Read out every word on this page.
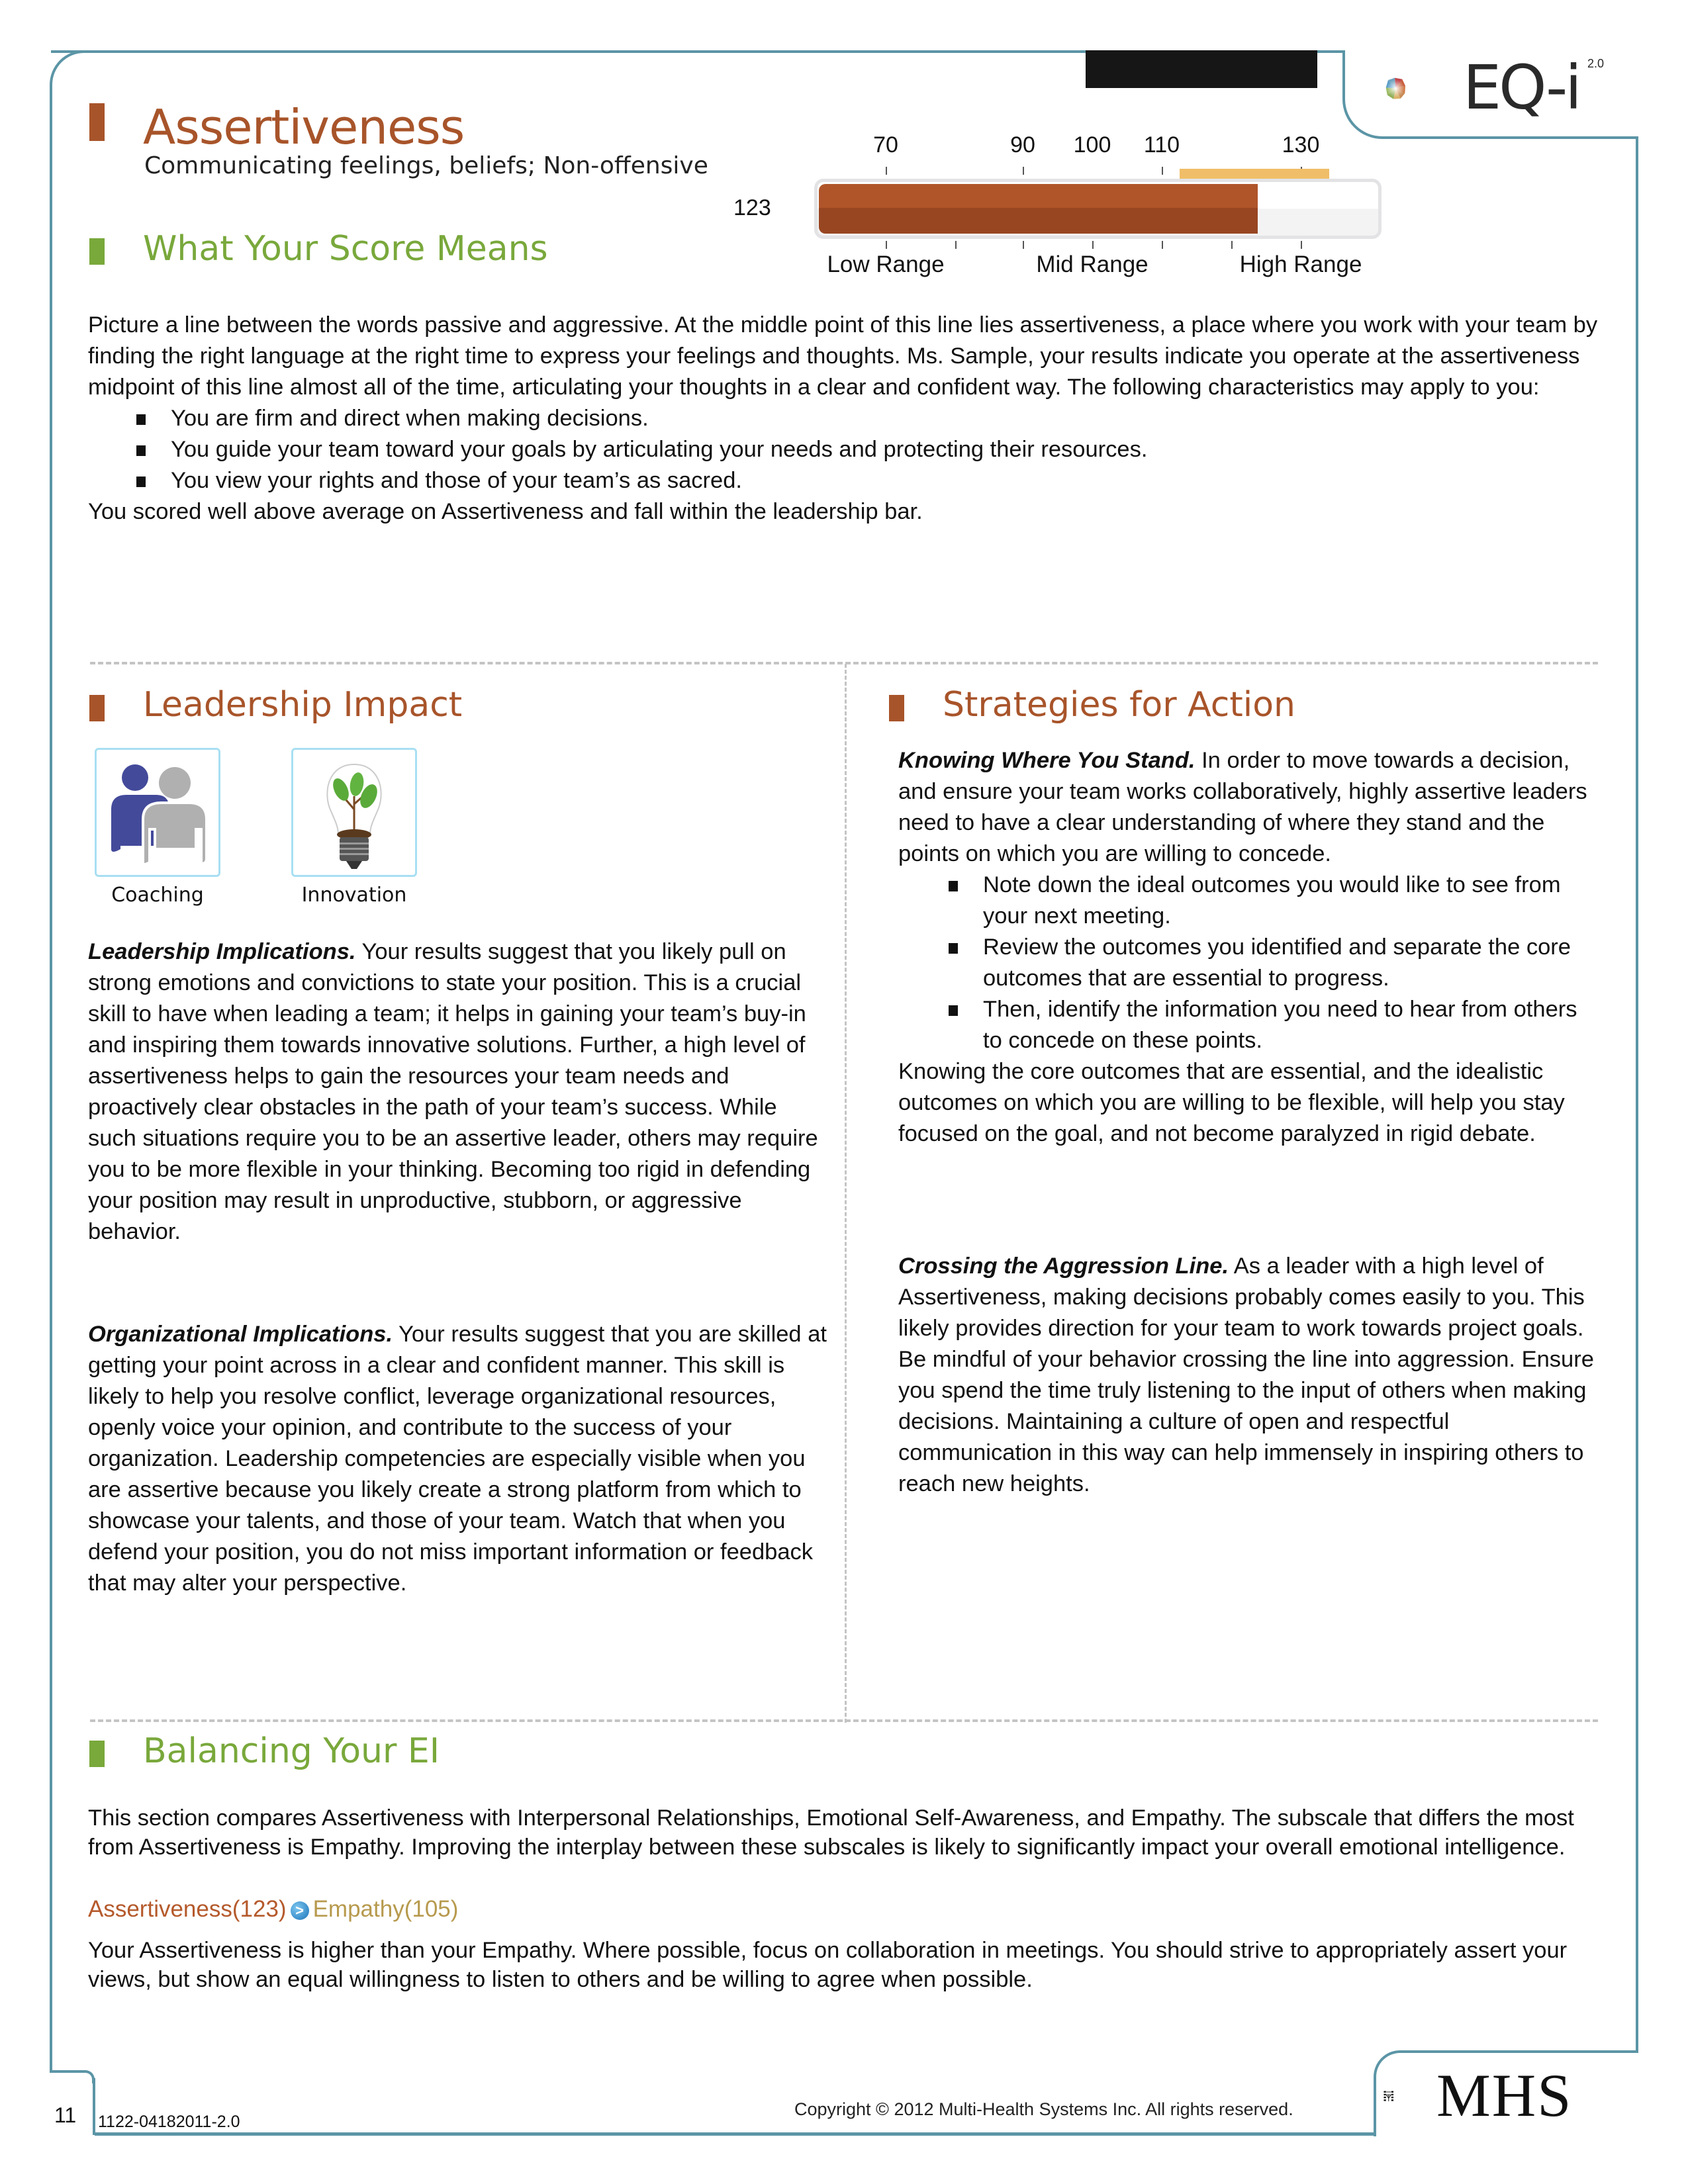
EQ-i 2.0
Assertiveness
Communicating feelings, beliefs; Non-offensive
70	90 100 110	130
123
Low Range	Mid Range	High Range
What Your Score Means

Picture a line between the words passive and aggressive. At the middle point of this line lies assertiveness, a place where you work with your team by finding the right language at the right time to express your feelings and thoughts. Ms. Sample, your results indicate you operate at the assertiveness midpoint of this line almost all of the time, articulating your thoughts in a clear and confident way. The following characteristics may apply to you:

You are firm and direct when making decisions.
You guide your team toward your goals by articulating your needs and protecting their resources.
You view your rights and those of your team’s as sacred.

You scored well above average on Assertiveness and fall within the leadership bar.

Leadership Impact
Coaching	Innovation
Leadership Implications. Your results suggest that you likely pull on strong emotions and convictions to state your position. This is a crucial skill to have when leading a team; it helps in gaining your team’s buy-in and inspiring them towards innovative solutions. Further, a high level of assertiveness helps to gain the resources your team needs and proactively clear obstacles in the path of your team’s success. While such situations require you to be an assertive leader, others may require you to be more flexible in your thinking. Becoming too rigid in defending your position may result in unproductive, stubborn, or aggressive behavior.
Organizational Implications. Your results suggest that you are skilled at getting your point across in a clear and confident manner. This skill is likely to help you resolve conflict, leverage organizational resources, openly voice your opinion, and contribute to the success of your organization. Leadership competencies are especially visible when you are assertive because you likely create a strong platform from which to showcase your talents, and those of your team. Watch that when you defend your position, you do not miss important information or feedback that may alter your perspective.
Strategies for Action

Knowing Where You Stand. In order to move towards a decision, and ensure your team works collaboratively, highly assertive leaders need to have a clear understanding of where they stand and the points on which you are willing to concede.

Note down the ideal outcomes you would like to see from your next meeting.
Review the outcomes you identified and separate the core outcomes that are essential to progress.
Then, identify the information you need to hear from others to concede on these points.

Knowing the core outcomes that are essential, and the idealistic outcomes on which you are willing to be flexible, will help you stay focused on the goal, and not become paralyzed in rigid debate.

Crossing the Aggression Line. As a leader with a high level of Assertiveness, making decisions probably comes easily to you. This likely provides direction for your team to work towards project goals. Be mindful of your behavior crossing the line into aggression. Ensure you spend the time truly listening to the input of others when making decisions. Maintaining a culture of open and respectful communication in this way can help immensely in inspiring others to reach new heights.
Balancing Your EI
This section compares Assertiveness with Interpersonal Relationships, Emotional Self-Awareness, and Empathy. The subscale that differs the most from Assertiveness is Empathy. Improving the interplay between these subscales is likely to significantly impact your overall emotional intelligence.
Assertiveness(123) > Empathy(105)
Your Assertiveness is higher than your Empathy. Where possible, focus on collaboration in meetings. You should strive to appropriately assert your views, but show an equal willingness to listen to others and be willing to agree when possible.
11 1122-04182011-2.0
Copyright © 2012 Multi-Health Systems Inc. All rights reserved. MHS
